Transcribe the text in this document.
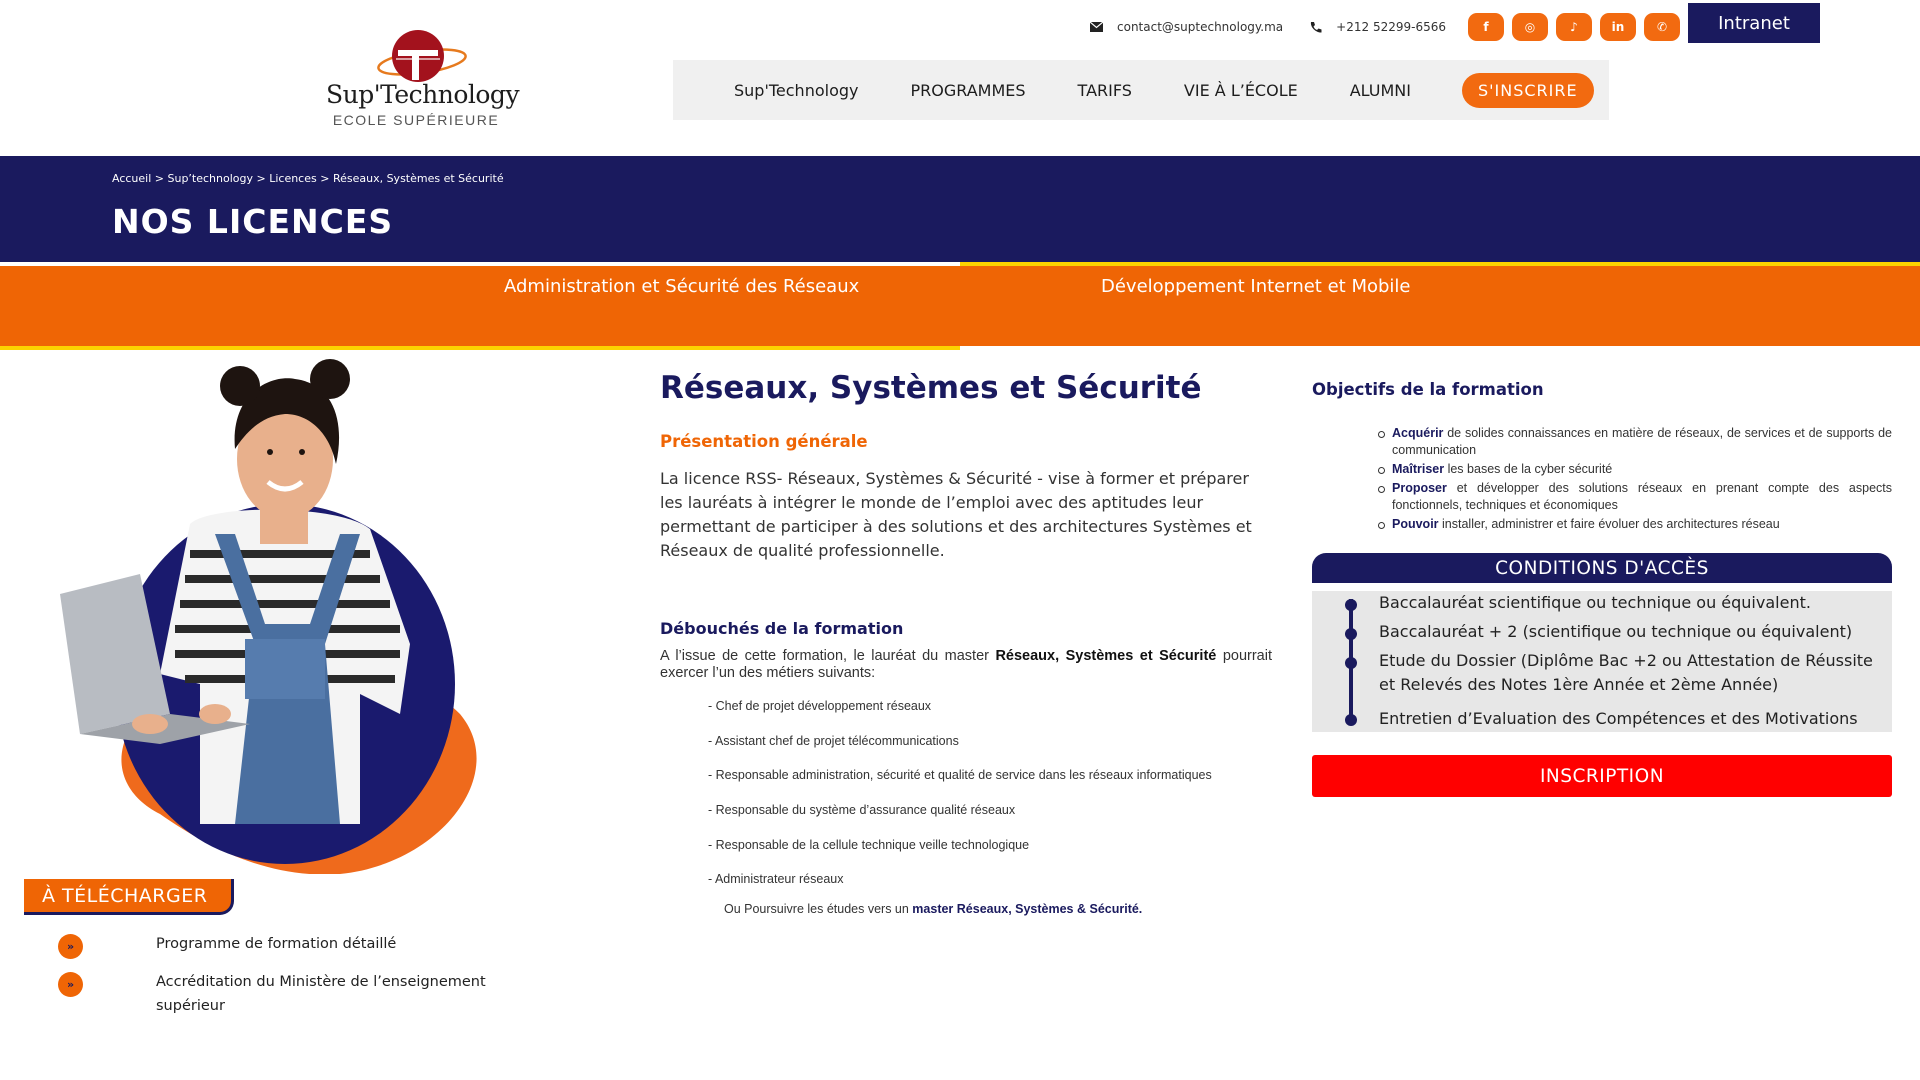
Sup'Technology
ECOLE SUPÉRIEURE
contact@suptechnology.ma	+212 52299-6566	f	◎	♪	in	✆	Intranet
Sup'Technology	PROGRAMMES	TARIFS	VIE À L’ÉCOLE	ALUMNI	S'INSCRIRE
Accueil > Sup’technology > Licences > Réseaux, Systèmes et Sécurité
NOS LICENCES
Administration et Sécurité des Réseaux	Développement Internet et Mobile
À TÉLÉCHARGER
»	Programme de formation détaillé
»	Accréditation du Ministère de l’enseignement supérieur
Réseaux, Systèmes et Sécurité
Présentation générale

La licence RSS- Réseaux, Systèmes & Sécurité - vise à former et préparer les lauréats à intégrer le monde de l’emploi avec des aptitudes leur permettant de participer à des solutions et des architectures Systèmes et Réseaux de qualité professionnelle.

Débouchés de la formation

A l’issue de cette formation, le lauréat du master Réseaux, Systèmes et Sécurité pourrait exercer l’un des métiers suivants:

- Chef de projet développement réseaux
- Assistant chef de projet télécommunications
- Responsable administration, sécurité et qualité de service dans les réseaux informatiques
- Responsable du système d’assurance qualité réseaux
- Responsable de la cellule technique veille technologique
- Administrateur réseaux

Ou Poursuivre les études vers un master Réseaux, Systèmes & Sécurité.

Objectifs de la formation
Acquérir de solides connaissances en matière de réseaux, de services et de supports de communication
Maîtriser les bases de la cyber sécurité
Proposer et développer des solutions réseaux en prenant compte des aspects fonctionnels, techniques et économiques
Pouvoir installer, administrer et faire évoluer des architectures réseau
CONDITIONS D'ACCÈS
Baccalauréat scientifique ou technique ou équivalent.
Baccalauréat + 2 (scientifique ou technique ou équivalent)
Etude du Dossier (Diplôme Bac +2 ou Attestation de Réussite et Relevés des Notes 1ère Année et 2ème Année)
Entretien d’Evaluation des Compétences et des Motivations
INSCRIPTION
